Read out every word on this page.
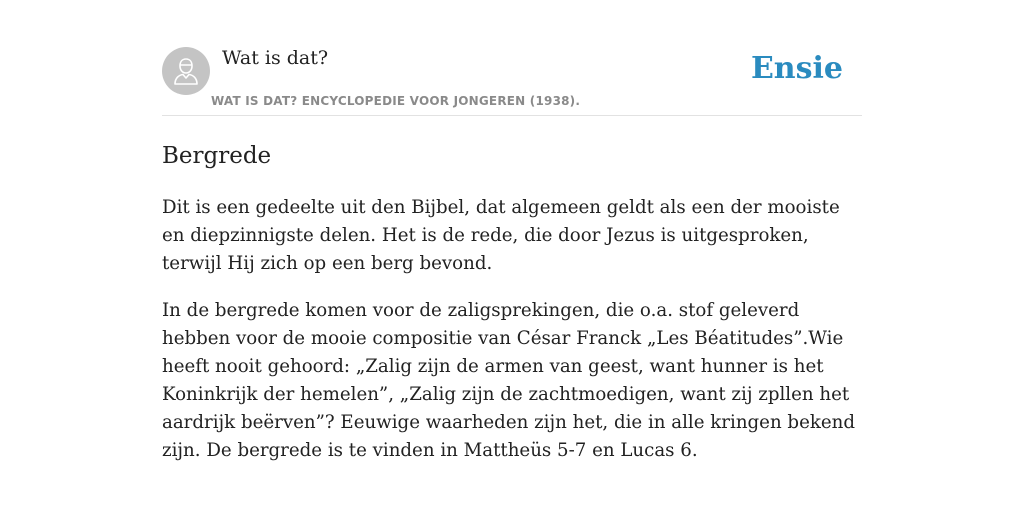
Wat is dat?
WAT IS DAT? ENCYCLOPEDIE VOOR JONGEREN (1938).
Ensie
Bergrede

Dit is een gedeelte uit den Bijbel, dat algemeen geldt als een der mooiste en diepzinnigste delen. Het is de rede, die door Jezus is uitgesproken, terwijl Hij zich op een berg bevond.

In de bergrede komen voor de zaligsprekingen, die o.a. stof geleverd hebben voor de mooie compositie van César Franck „Les Béatitudes”.Wie heeft nooit gehoord: „Zalig zijn de armen van geest, want hunner is het Koninkrijk der hemelen”, „Zalig zijn de zachtmoedigen, want zij zpllen het aardrijk beërven”? Eeuwige waarheden zijn het, die in alle kringen bekend zijn. De bergrede is te vinden in Mattheüs 5-7 en Lucas 6.
